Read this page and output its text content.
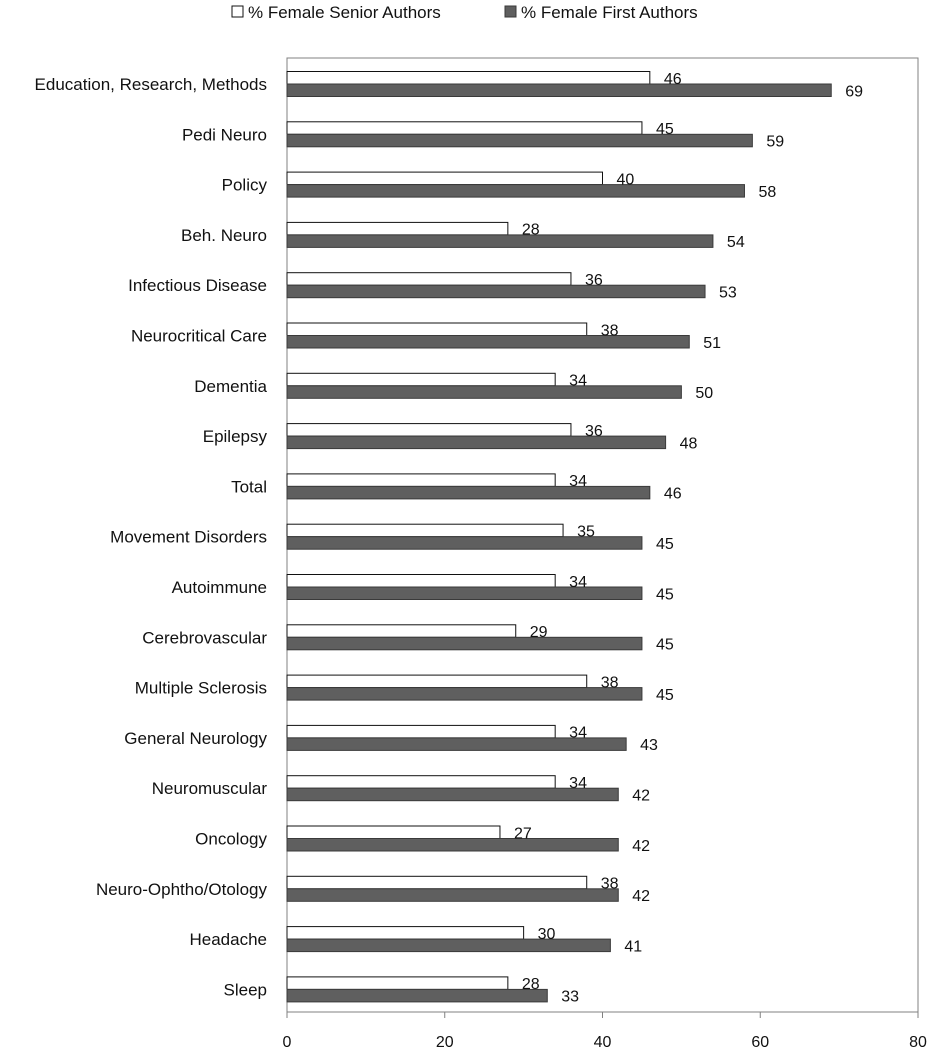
% Female Senior Authors	% Female First Authors
Education, Research, Methods
Pedi Neuro
Policy
Beh. Neuro
Infectious Disease
Neurocritical Care
Dementia
Epilepsy
Total
Movement Disorders
Autoimmune
Cerebrovascular
Multiple Sclerosis
General Neurology
Neuromuscular
Oncology
Neuro-Ophtho/Otology
Headache
Sleep
46
69
45
59
40
58
28
54
36
53
38
51
34
50
36
48
34
46
35
45
34
45
29
45
38
45
34
43
34
42
27
42
38
42
30
41
28
33
0	20	40	60	80
